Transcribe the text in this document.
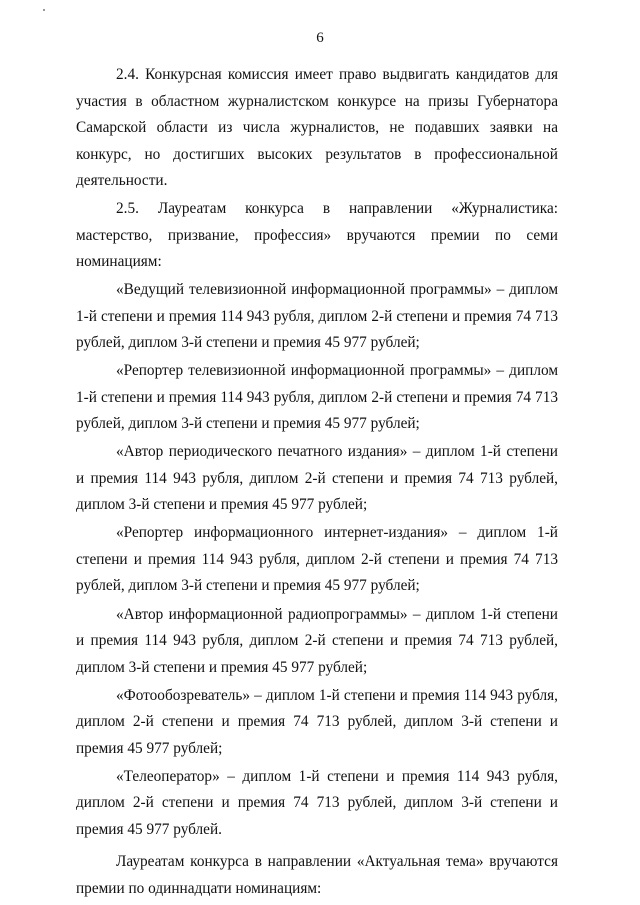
6

2.4. Конкурсная комиссия имеет право выдвигать кандидатов для участия в областном журналистском конкурсе на призы Губернатора Самарской области из числа журналистов, не подавших заявки на конкурс, но достигших высоких результатов в профессиональной деятельности.

2.5. Лауреатам конкурса в направлении «Журналистика: мастерство, призвание, профессия» вручаются премии по семи номинациям:

«Ведущий телевизионной информационной программы» – диплом 1-й степени и премия 114 943 рубля, диплом 2-й степени и премия 74 713 рублей, диплом 3-й степени и премия 45 977 рублей;

«Репортер телевизионной информационной программы» – диплом 1-й степени и премия 114 943 рубля, диплом 2-й степени и премия 74 713 рублей, диплом 3-й степени и премия 45 977 рублей;

«Автор периодического печатного издания» – диплом 1-й степени и премия 114 943 рубля, диплом 2-й степени и премия 74 713 рублей, диплом 3-й степени и премия 45 977 рублей;

«Репортер информационного интернет-издания» – диплом 1-й степени и премия 114 943 рубля, диплом 2-й степени и премия 74 713 рублей, диплом 3-й степени и премия 45 977 рублей;

«Автор информационной радиопрограммы» – диплом 1-й степени и премия 114 943 рубля, диплом 2-й степени и премия 74 713 рублей, диплом 3-й степени и премия 45 977 рублей;

«Фотообозреватель» – диплом 1-й степени и премия 114 943 рубля, диплом 2-й степени и премия 74 713 рублей, диплом 3-й степени и премия 45 977 рублей;

«Телеоператор» – диплом 1-й степени и премия 114 943 рубля, диплом 2-й степени и премия 74 713 рублей, диплом 3-й степени и премия 45 977 рублей.

Лауреатам конкурса в направлении «Актуальная тема» вручаются премии по одиннадцати номинациям:
